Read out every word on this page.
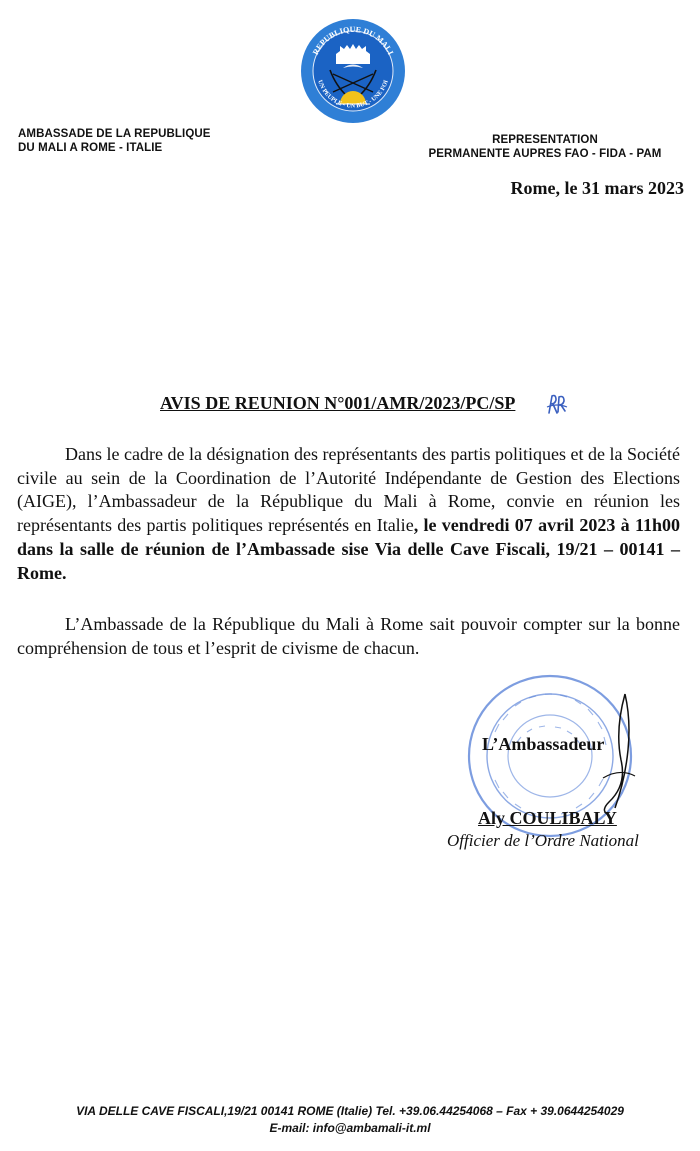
REPUBLIQUE DU MALI
UN PEUPLE - UN BUT - UNE FOI
AMBASSADE DE LA REPUBLIQUE
DU MALI A ROME - ITALIE
REPRESENTATION
PERMANENTE AUPRES FAO - FIDA - PAM
Rome, le 31 mars 2023
AVIS DE REUNION N°001/AMR/2023/PC/SP

Dans le cadre de la désignation des représentants des partis politiques et de la Société civile au sein de la Coordination de l’Autorité Indépendante de Gestion des Elections (AIGE), l’Ambassadeur de la République du Mali à Rome, convie en réunion les représentants des partis politiques représentés en Italie, le vendredi 07 avril 2023 à 11h00 dans la salle de réunion de l’Ambassade sise Via delle Cave Fiscali, 19/21 – 00141 – Rome.

L’Ambassade de la République du Mali à Rome sait pouvoir compter sur la bonne compréhension de tous et l’esprit de civisme de chacun.

L’Ambassadeur
Aly COULIBALY
Officier de l’Ordre National
VIA DELLE CAVE FISCALI,19/21 00141 ROME (Italie) Tel. +39.06.44254068 – Fax + 39.0644254029
E-mail: info@ambamali-it.ml
